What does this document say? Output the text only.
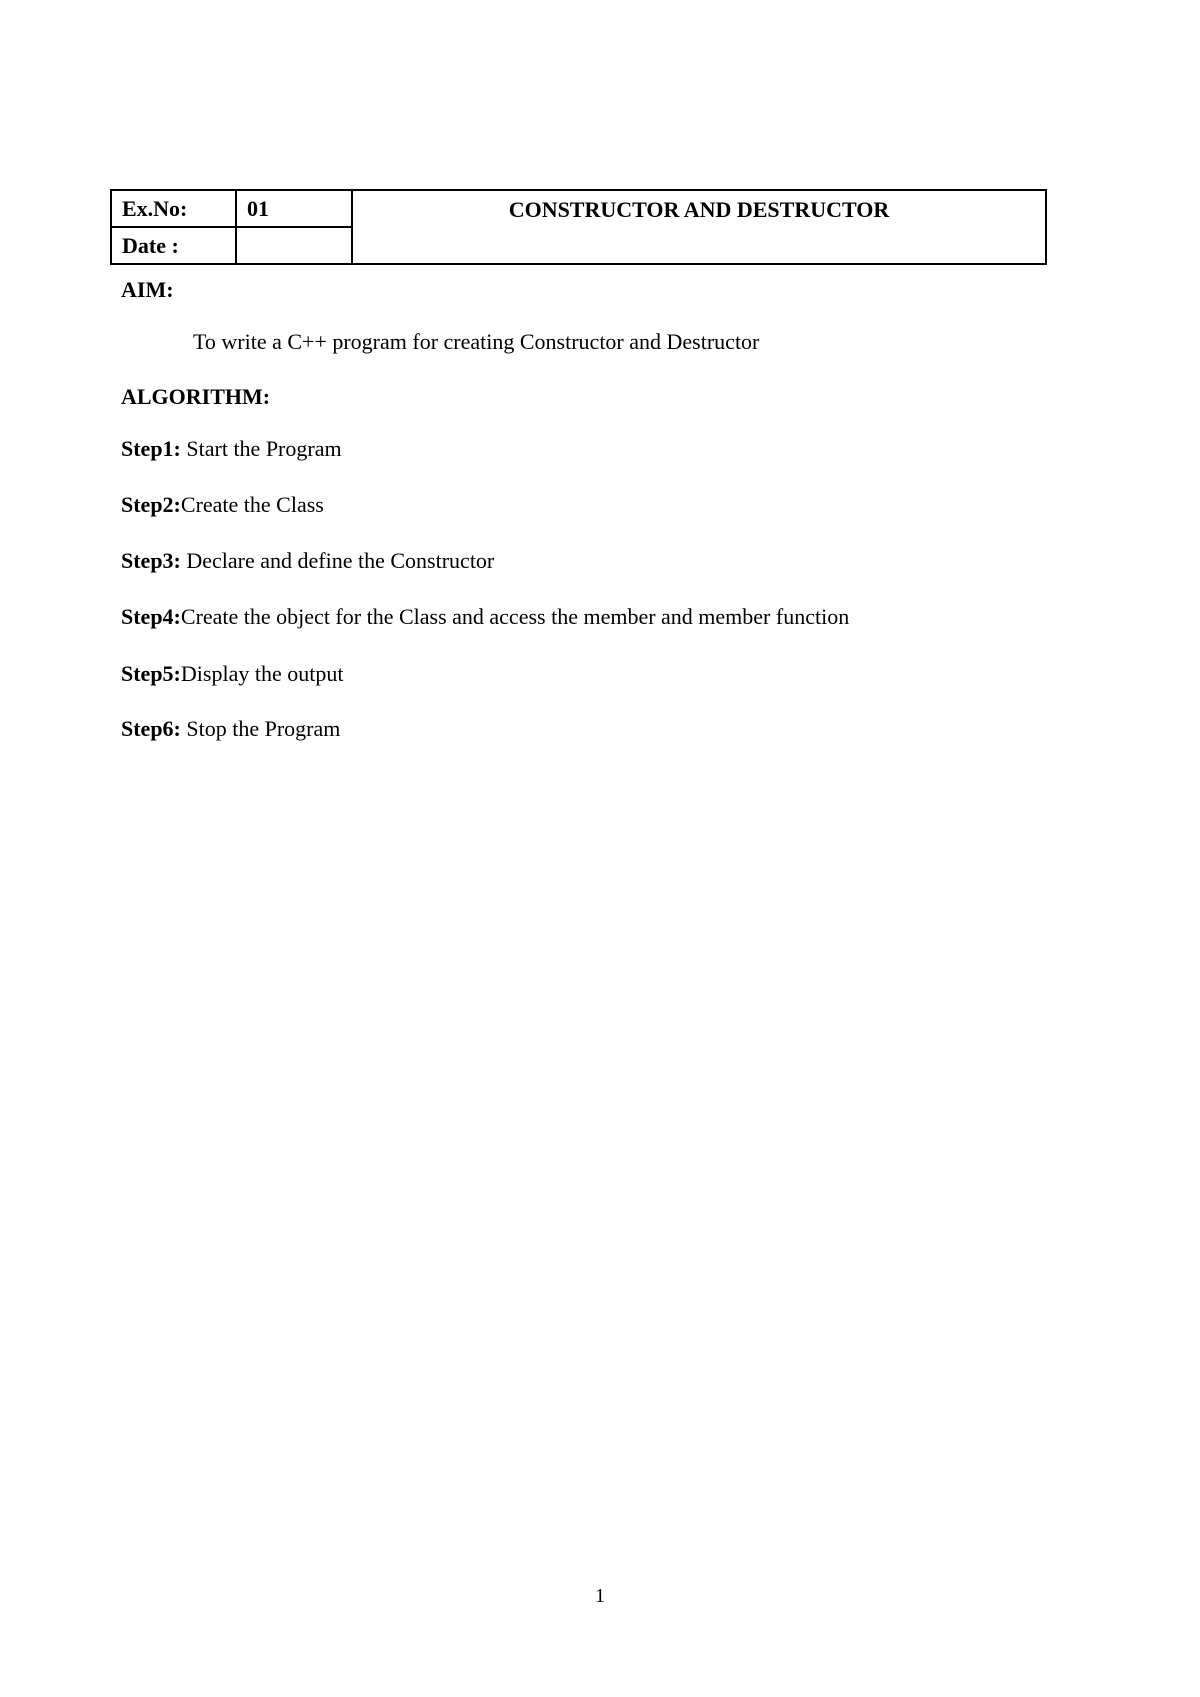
Ex.No:	01	CONSTRUCTOR AND DESTRUCTOR
Date :		
AIM:
To write a C++ program for creating Constructor and Destructor
ALGORITHM:
Step1: Start the Program
Step2:Create the Class
Step3: Declare and define the Constructor
Step4:Create the object for the Class and access the member and member function
Step5:Display the output
Step6: Stop the Program
1
